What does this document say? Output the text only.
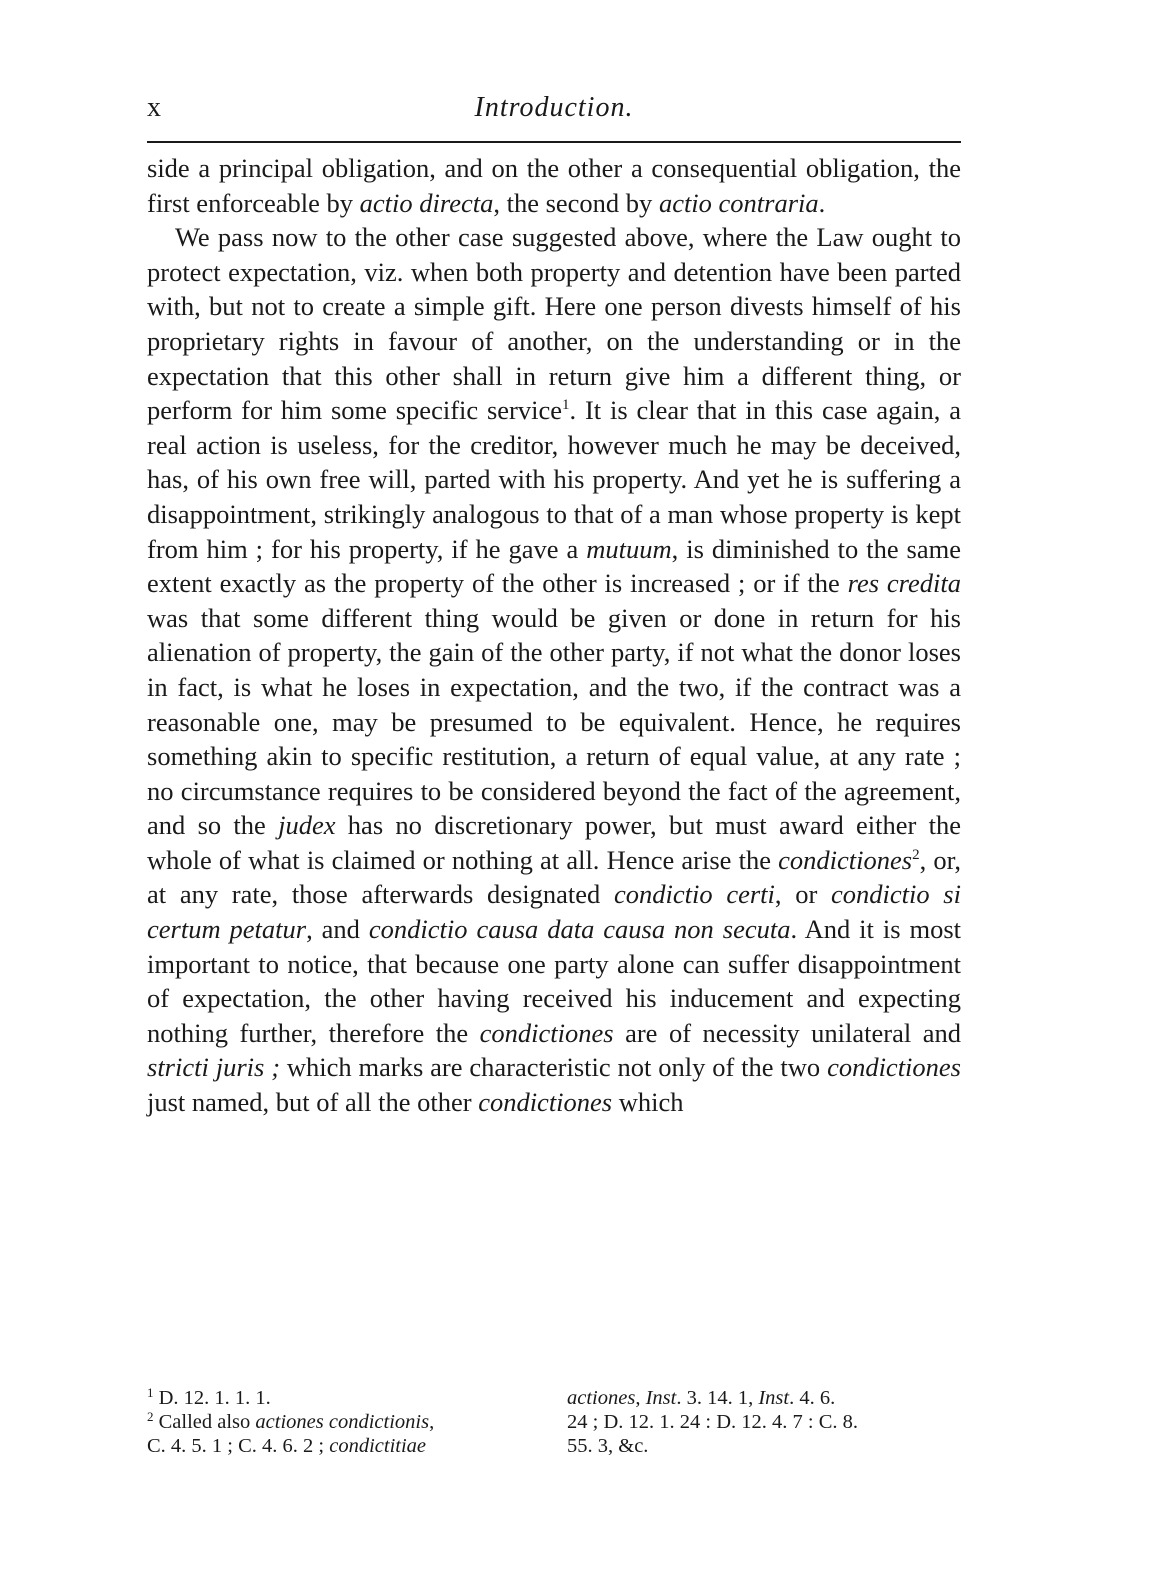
x	Introduction.

side a principal obligation, and on the other a consequential obligation, the first enforceable by actio directa, the second by actio contraria.

We pass now to the other case suggested above, where the Law ought to protect expectation, viz. when both property and detention have been parted with, but not to create a simple gift. Here one person divests himself of his proprietary rights in favour of another, on the understanding or in the expectation that this other shall in return give him a different thing, or perform for him some specific service$^1$. It is clear that in this case again, a real action is useless, for the creditor, however much he may be deceived, has, of his own free will, parted with his property. And yet he is suffering a disappointment, strikingly analogous to that of a man whose property is kept from him ; for his property, if he gave a mutuum, is diminished to the same extent exactly as the property of the other is increased ; or if the res credita was that some different thing would be given or done in return for his alienation of property, the gain of the other party, if not what the donor loses in fact, is what he loses in expectation, and the two, if the contract was a reasonable one, may be presumed to be equivalent. Hence, he requires something akin to specific restitution, a return of equal value, at any rate ; no circumstance requires to be considered beyond the fact of the agreement, and so the judex has no discretionary power, but must award either the whole of what is claimed or nothing at all. Hence arise the condictiones$^2$, or, at any rate, those afterwards designated condictio certi, or condictio si certum petatur, and condictio causa data causa non secuta. And it is most important to notice, that because one party alone can suffer disappointment of expectation, the other having received his inducement and expecting nothing further, therefore the condictiones are of necessity unilateral and stricti juris ; which marks are characteristic not only of the two condictiones just named, but of all the other condictiones which

$^1$ D. 12. 1. 1. 1.
$^2$ Called also actiones condictionis,
C. 4. 5. 1 ; C. 4. 6. 2 ; condictitiae
actiones, Inst. 3. 14. 1, Inst. 4. 6.
24 ; D. 12. 1. 24 : D. 12. 4. 7 : C. 8.
55. 3, &c.
